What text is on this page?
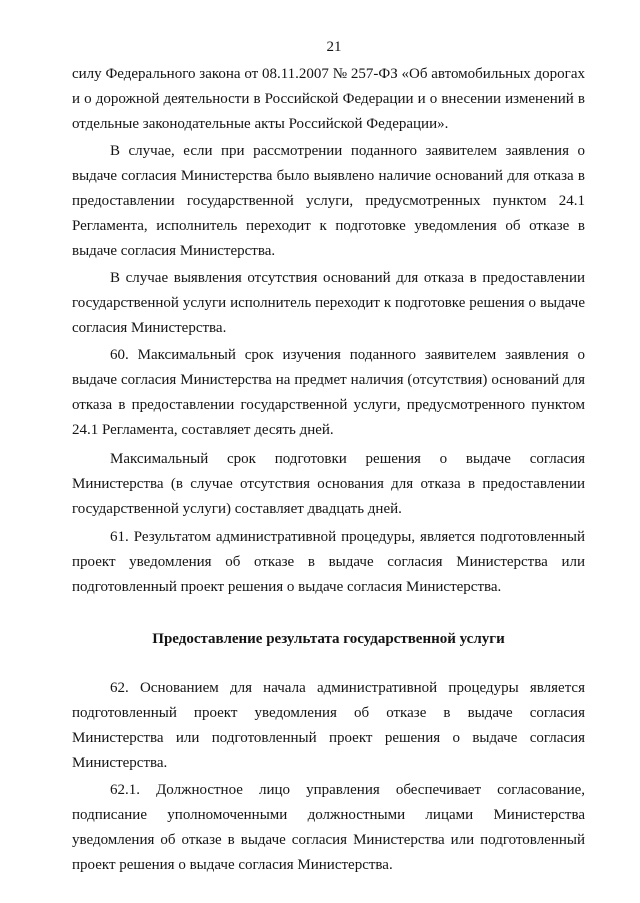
21

силу Федерального закона от 08.11.2007 № 257-ФЗ «Об автомобильных дорогах и о дорожной деятельности в Российской Федерации и о внесении изменений в отдельные законодательные акты Российской Федерации».

В случае, если при рассмотрении поданного заявителем заявления о выдаче согласия Министерства было выявлено наличие оснований для отказа в предоставлении государственной услуги, предусмотренных пунктом 24.1 Регламента, исполнитель переходит к подготовке уведомления об отказе в выдаче согласия Министерства.

В случае выявления отсутствия оснований для отказа в предоставлении государственной услуги исполнитель переходит к подготовке решения о выдаче согласия Министерства.

60. Максимальный срок изучения поданного заявителем заявления о выдаче согласия Министерства на предмет наличия (отсутствия) оснований для отказа в предоставлении государственной услуги, предусмотренного пунктом 24.1 Регламента, составляет десять дней.

Максимальный срок подготовки решения о выдаче согласия Министерства (в случае отсутствия основания для отказа в предоставлении государственной услуги) составляет двадцать дней.

61. Результатом административной процедуры, является подготовленный проект уведомления об отказе в выдаче согласия Министерства или подготовленный проект решения о выдаче согласия Министерства.

Предоставление результата государственной услуги

62. Основанием для начала административной процедуры является подготовленный проект уведомления об отказе в выдаче согласия Министерства или подготовленный проект решения о выдаче согласия Министерства.

62.1. Должностное лицо управления обеспечивает согласование, подписание уполномоченными должностными лицами Министерства уведомления об отказе в выдаче согласия Министерства или подготовленный проект решения о выдаче согласия Министерства.
